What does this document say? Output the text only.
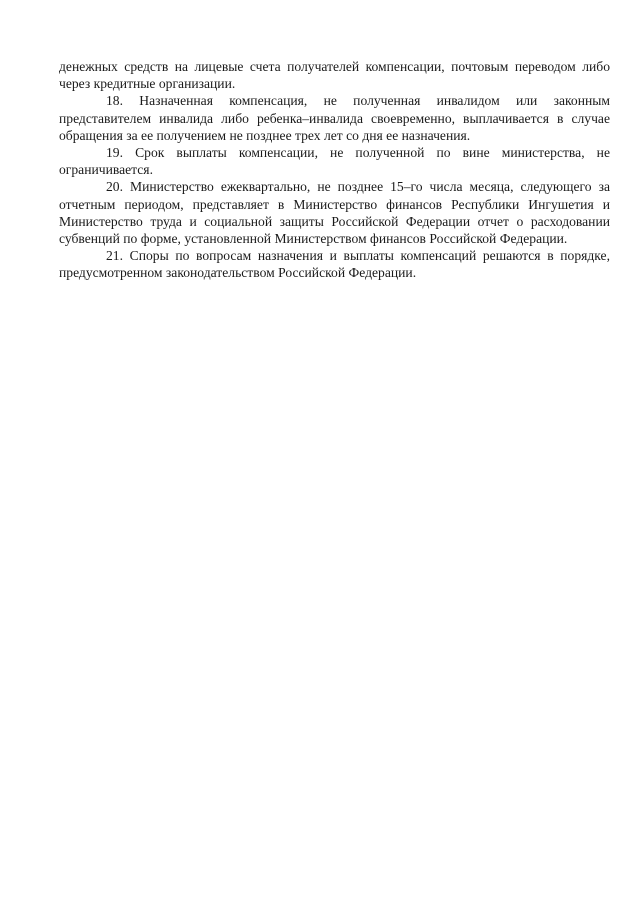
денежных средств на лицевые счета получателей компенсации, почтовым переводом либо через кредитные организации.

18. Назначенная компенсация, не полученная инвалидом или законным представителем инвалида либо ребенка–инвалида своевременно, выплачивается в случае обращения за ее получением не позднее трех лет со дня ее назначения.

19. Срок выплаты компенсации, не полученной по вине министерства, не ограничивается.

20. Министерство ежеквартально, не позднее 15–го числа месяца, следующего за отчетным периодом, представляет в Министерство финансов Республики Ингушетия и Министерство труда и социальной защиты Российской Федерации отчет о расходовании субвенций по форме, установленной Министерством финансов Российской Федерации.

21. Споры по вопросам назначения и выплаты компенсаций решаются в порядке, предусмотренном законодательством Российской Федерации.
